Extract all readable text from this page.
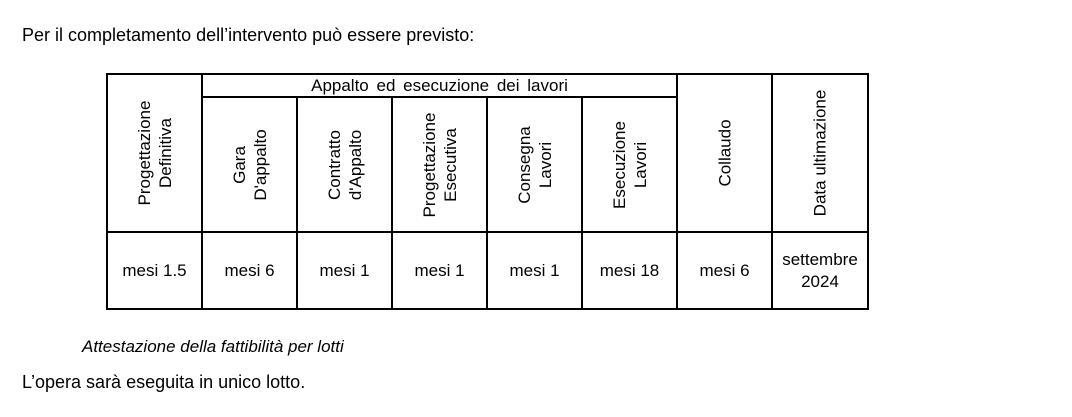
Per il completamento dell’intervento può essere previsto:
Progettazione Definitiva	Appalto ed esecuzione dei lavori					Collaudo	Data ultimazione

	Gara D'appalto	Contratto d'Appalto	Progettazione Esecutiva	Consegna Lavori	Esecuzione Lavori		

mesi 1.5	mesi 6	mesi 1	mesi 1	mesi 1	mesi 18	mesi 6	settembre
2024
Attestazione della fattibilità per lotti
L’opera sarà eseguita in unico lotto.
